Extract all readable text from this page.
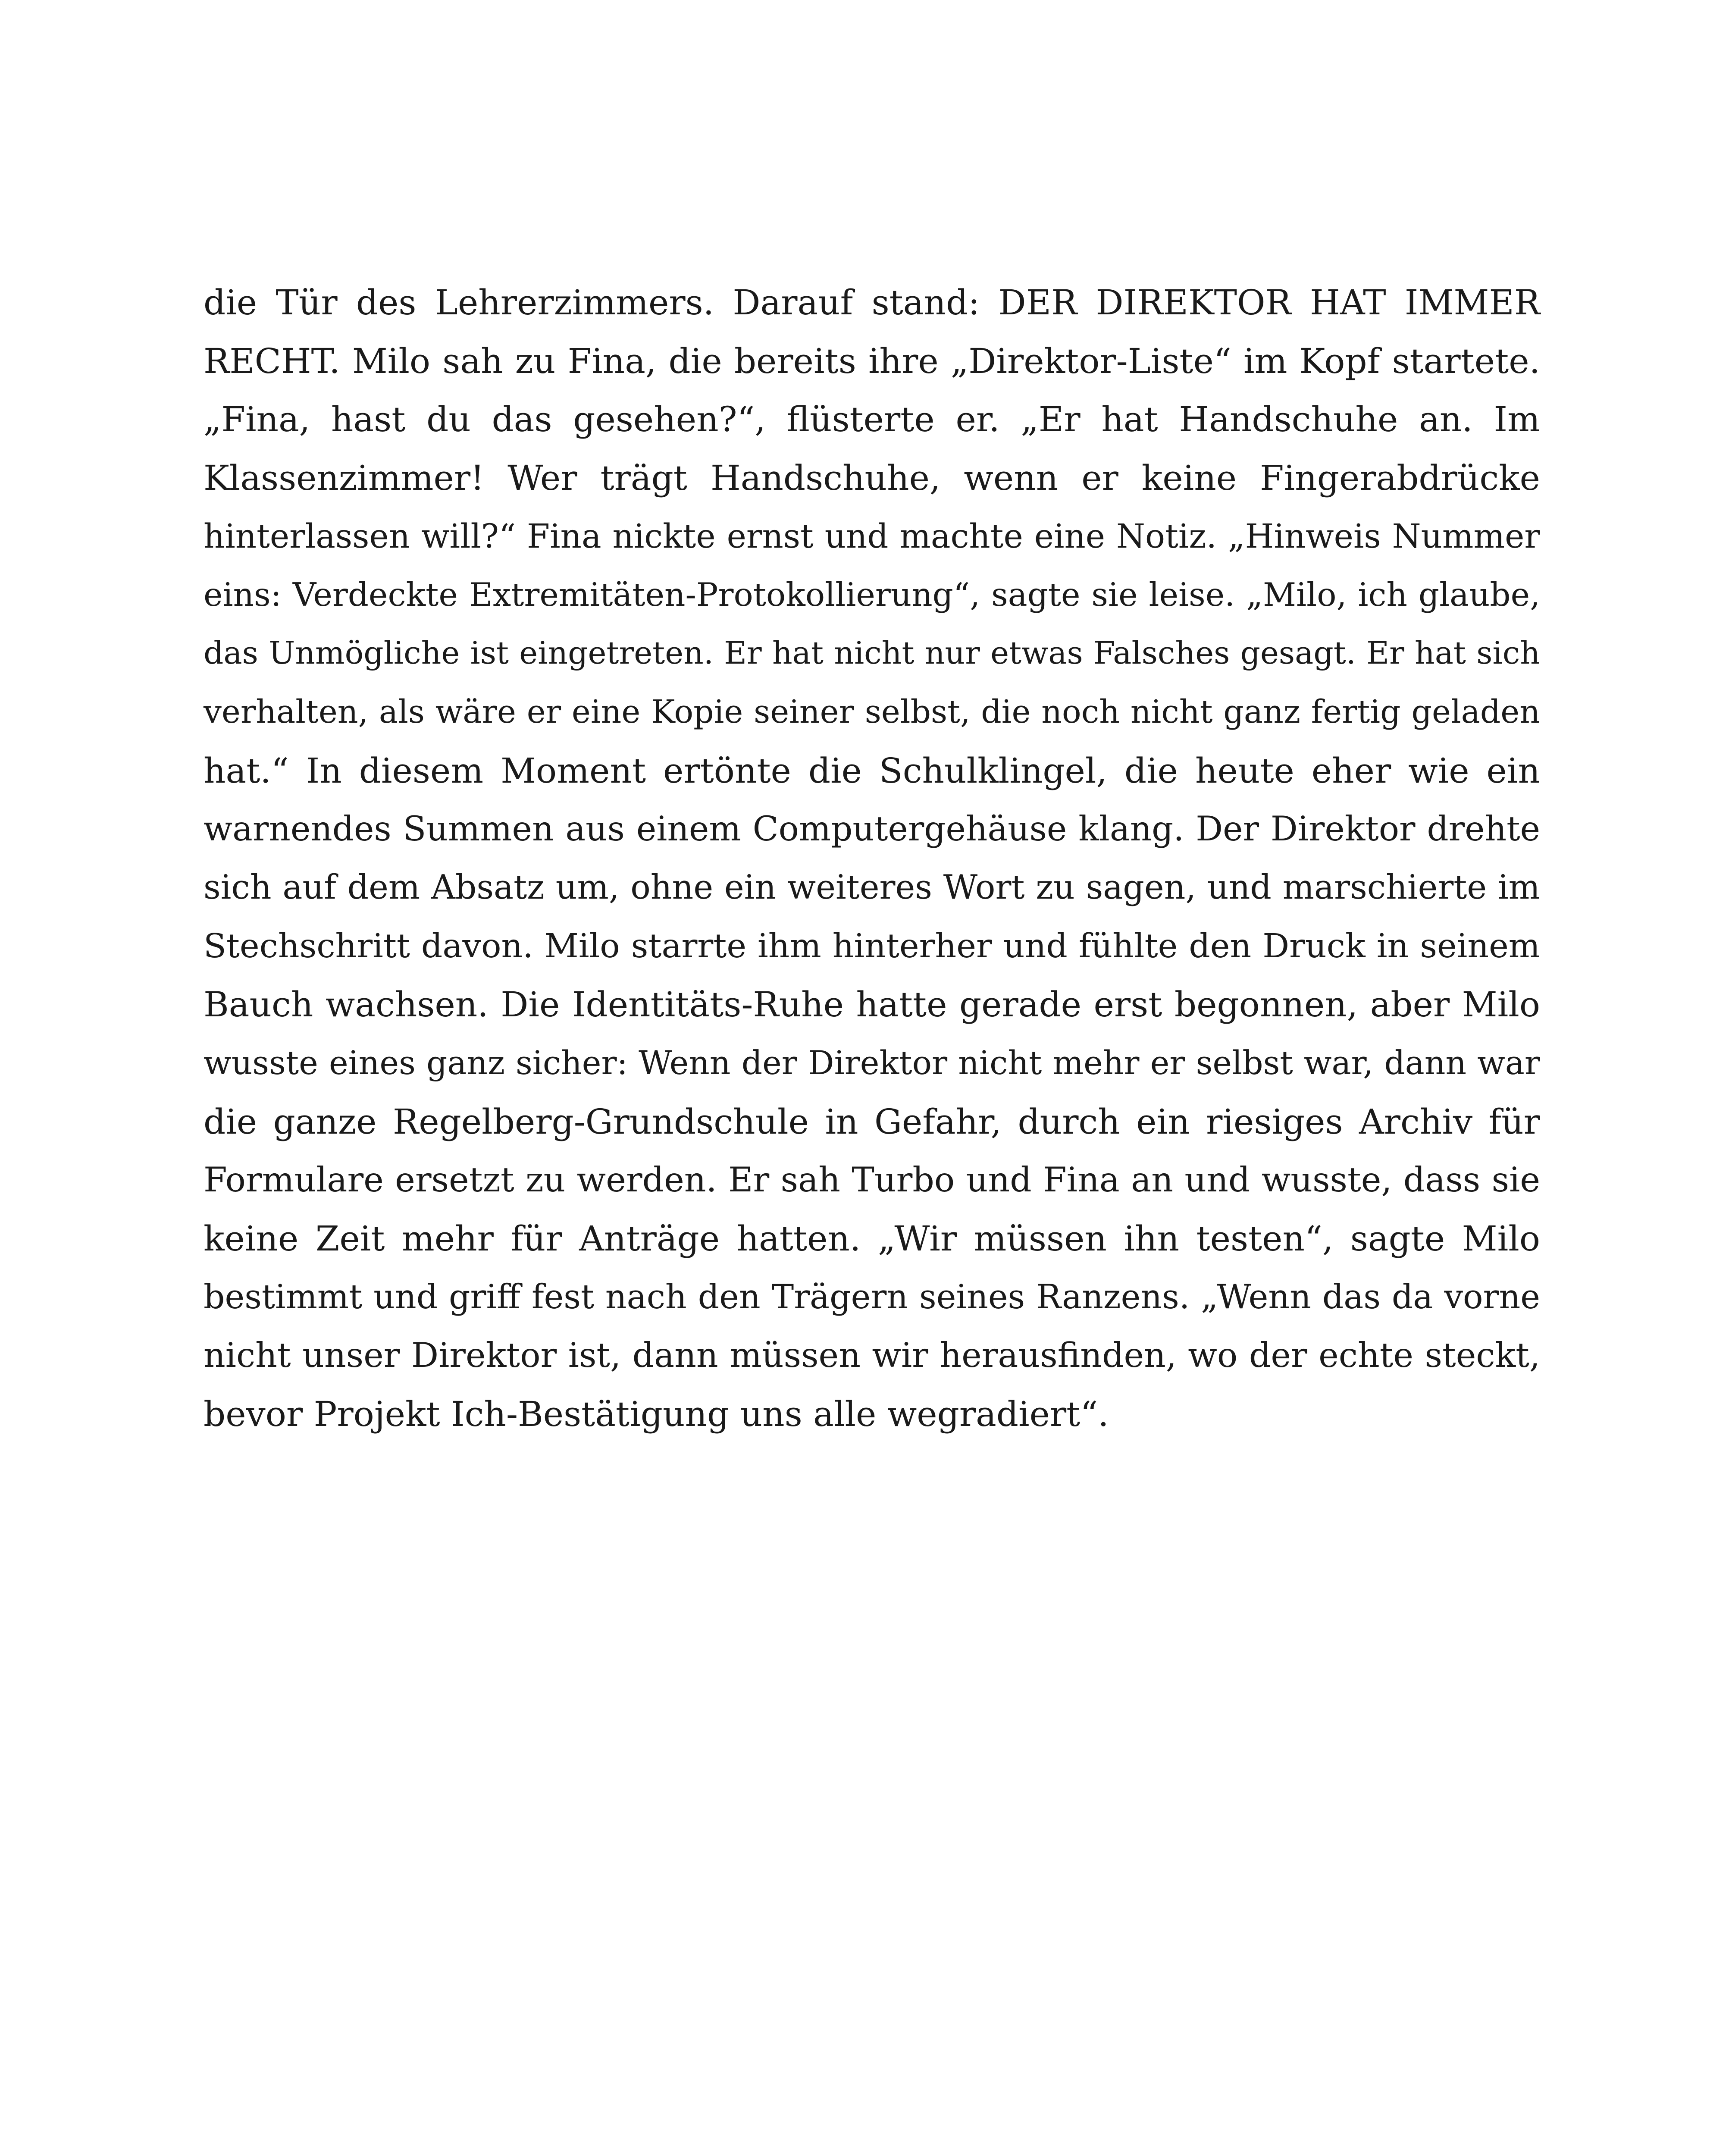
die Tür des Lehrerzimmers. Darauf stand: DER DIREKTOR HAT IMMER
RECHT. Milo sah zu Fina, die bereits ihre „Direktor-Liste“ im Kopf startete.
„Fina, hast du das gesehen?“, flüsterte er. „Er hat Handschuhe an. Im
Klassenzimmer! Wer trägt Handschuhe, wenn er keine Fingerabdrücke
hinterlassen will?“ Fina nickte ernst und machte eine Notiz. „Hinweis Nummer
eins: Verdeckte Extremitäten-Protokollierung“, sagte sie leise. „Milo, ich glaube,
das Unmögliche ist eingetreten. Er hat nicht nur etwas Falsches gesagt. Er hat sich
verhalten, als wäre er eine Kopie seiner selbst, die noch nicht ganz fertig geladen
hat.“ In diesem Moment ertönte die Schulklingel, die heute eher wie ein
warnendes Summen aus einem Computergehäuse klang. Der Direktor drehte
sich auf dem Absatz um, ohne ein weiteres Wort zu sagen, und marschierte im
Stechschritt davon. Milo starrte ihm hinterher und fühlte den Druck in seinem
Bauch wachsen. Die Identitäts-Ruhe hatte gerade erst begonnen, aber Milo
wusste eines ganz sicher: Wenn der Direktor nicht mehr er selbst war, dann war
die ganze Regelberg-Grundschule in Gefahr, durch ein riesiges Archiv für
Formulare ersetzt zu werden. Er sah Turbo und Fina an und wusste, dass sie
keine Zeit mehr für Anträge hatten. „Wir müssen ihn testen“, sagte Milo
bestimmt und griff fest nach den Trägern seines Ranzens. „Wenn das da vorne
nicht unser Direktor ist, dann müssen wir herausfinden, wo der echte steckt,
bevor Projekt Ich-Bestätigung uns alle wegradiert“.
